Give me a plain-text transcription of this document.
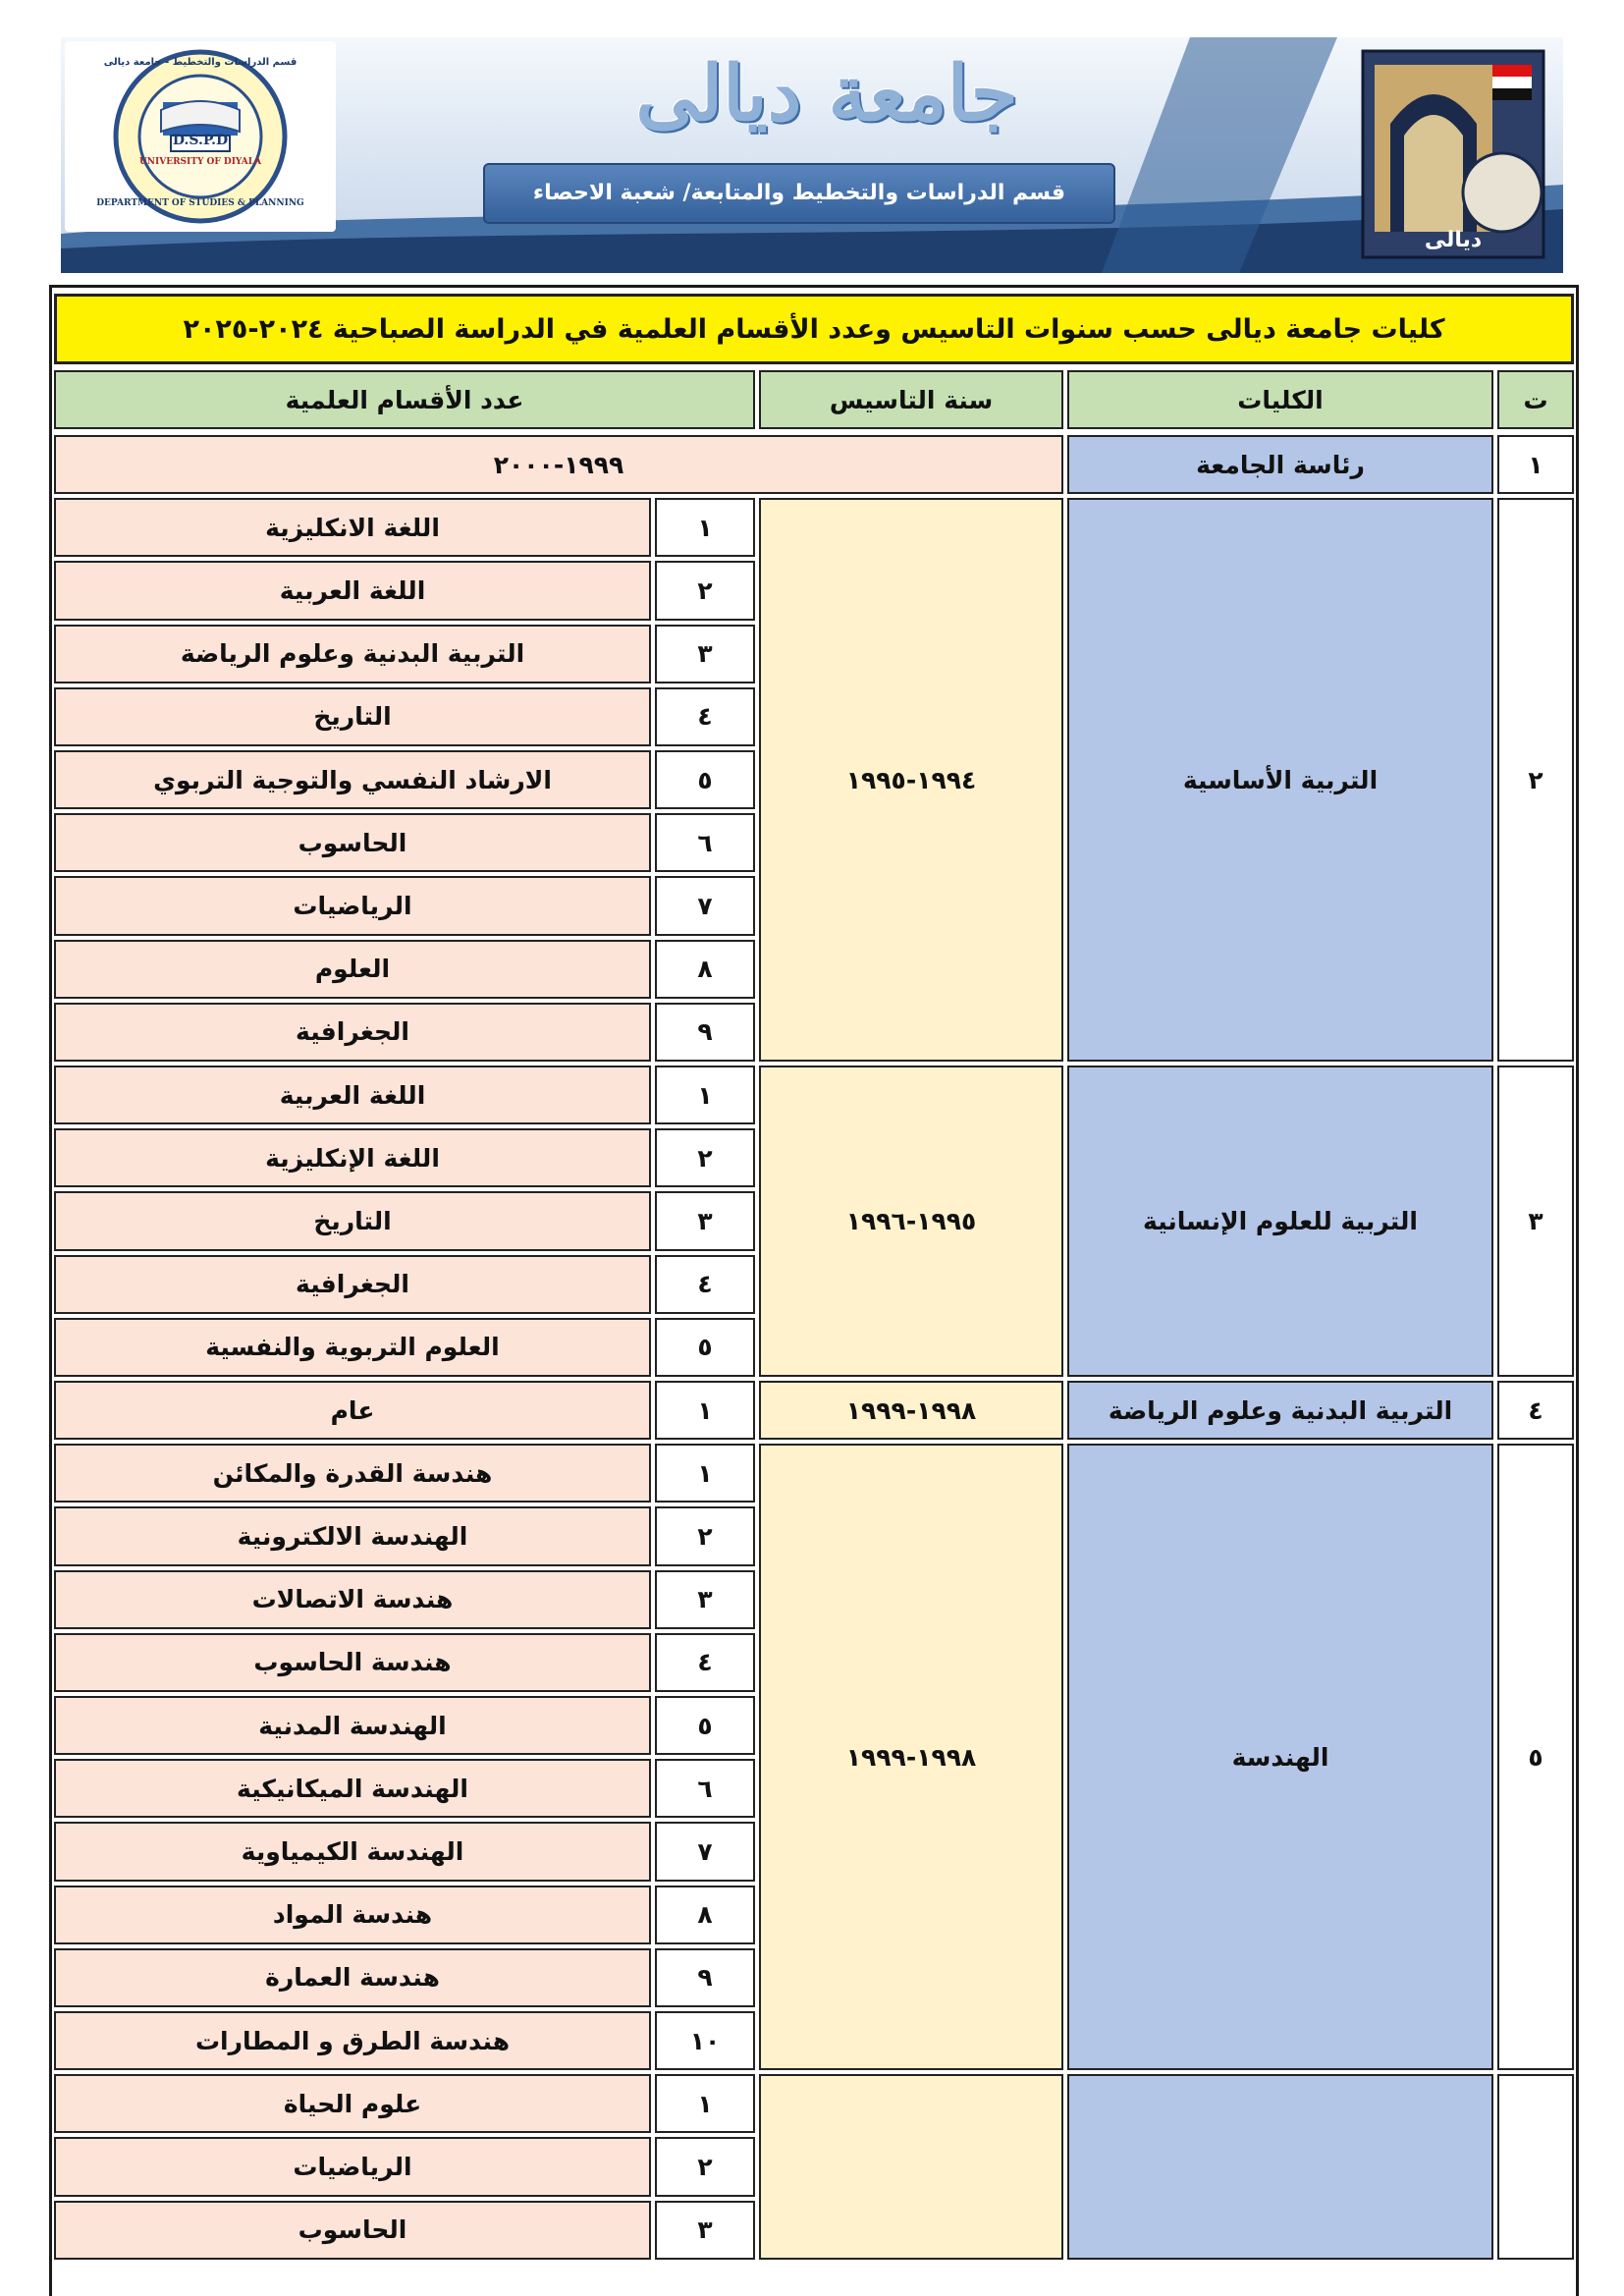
D.S.P.D
UNIVERSITY OF DIYALA
DEPARTMENT OF STUDIES & PLANNING
قسم الدراسات والتخطيط - جامعة ديالى	جامعة ديالى
قسم الدراسات والتخطيط والمتابعة/ شعبة الاحصاء
ديالى
كليات جامعة ديالى حسب سنوات التاسيس وعدد الأقسام العلمية في الدراسة الصباحية ٢٠٢٤-٢٠٢٥
ت
الكليات
سنة التاسيس
عدد الأقسام العلمية
١
رئاسة الجامعة
١٩٩٩-٢٠٠٠
٢
التربية الأساسية
١٩٩٤-١٩٩٥
١
اللغة الانكليزية
٢
اللغة العربية
٣
التربية البدنية وعلوم الرياضة
٤
التاريخ
٥
الارشاد النفسي والتوجية التربوي
٦
الحاسوب
٧
الرياضيات
٨
العلوم
٩
الجغرافية
٣
التربية للعلوم الإنسانية
١٩٩٥-١٩٩٦
١
اللغة العربية
٢
اللغة الإنكليزية
٣
التاريخ
٤
الجغرافية
٥
العلوم التربوية والنفسية
٤
التربية البدنية وعلوم الرياضة
١٩٩٨-١٩٩٩
١
عام
٥
الهندسة
١٩٩٨-١٩٩٩
١
هندسة القدرة والمكائن
٢
الهندسة الالكترونية
٣
هندسة الاتصالات
٤
هندسة الحاسوب
٥
الهندسة المدنية
٦
الهندسة الميكانيكية
٧
الهندسة الكيمياوية
٨
هندسة المواد
٩
هندسة العمارة
١٠
هندسة الطرق و المطارات
١
علوم الحياة
٢
الرياضيات
٣
الحاسوب
